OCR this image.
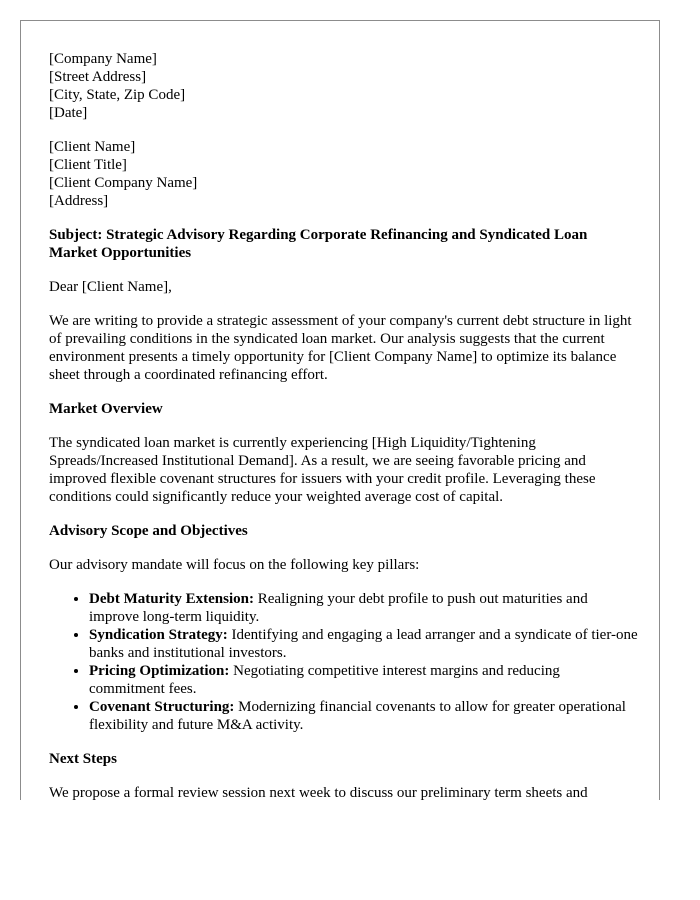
[Company Name]
[Street Address]
[City, State, Zip Code]
[Date]
[Client Name]
[Client Title]
[Client Company Name]
[Address]

Subject: Strategic Advisory Regarding Corporate Refinancing and Syndicated Loan Market Opportunities

Dear [Client Name],

We are writing to provide a strategic assessment of your company's current debt structure in light of prevailing conditions in the syndicated loan market. Our analysis suggests that the current environment presents a timely opportunity for [Client Company Name] to optimize its balance sheet through a coordinated refinancing effort.

Market Overview

The syndicated loan market is currently experiencing [High Liquidity/Tightening Spreads/Increased Institutional Demand]. As a result, we are seeing favorable pricing and improved flexible covenant structures for issuers with your credit profile. Leveraging these conditions could significantly reduce your weighted average cost of capital.

Advisory Scope and Objectives

Our advisory mandate will focus on the following key pillars:

• Debt Maturity Extension: Realigning your debt profile to push out maturities and improve long-term liquidity.
• Syndication Strategy: Identifying and engaging a lead arranger and a syndicate of tier-one banks and institutional investors.
• Pricing Optimization: Negotiating competitive interest margins and reducing commitment fees.
• Covenant Structuring: Modernizing financial covenants to allow for greater operational flexibility and future M&A activity.
Next Steps

We propose a formal review session next week to discuss our preliminary term sheets and
